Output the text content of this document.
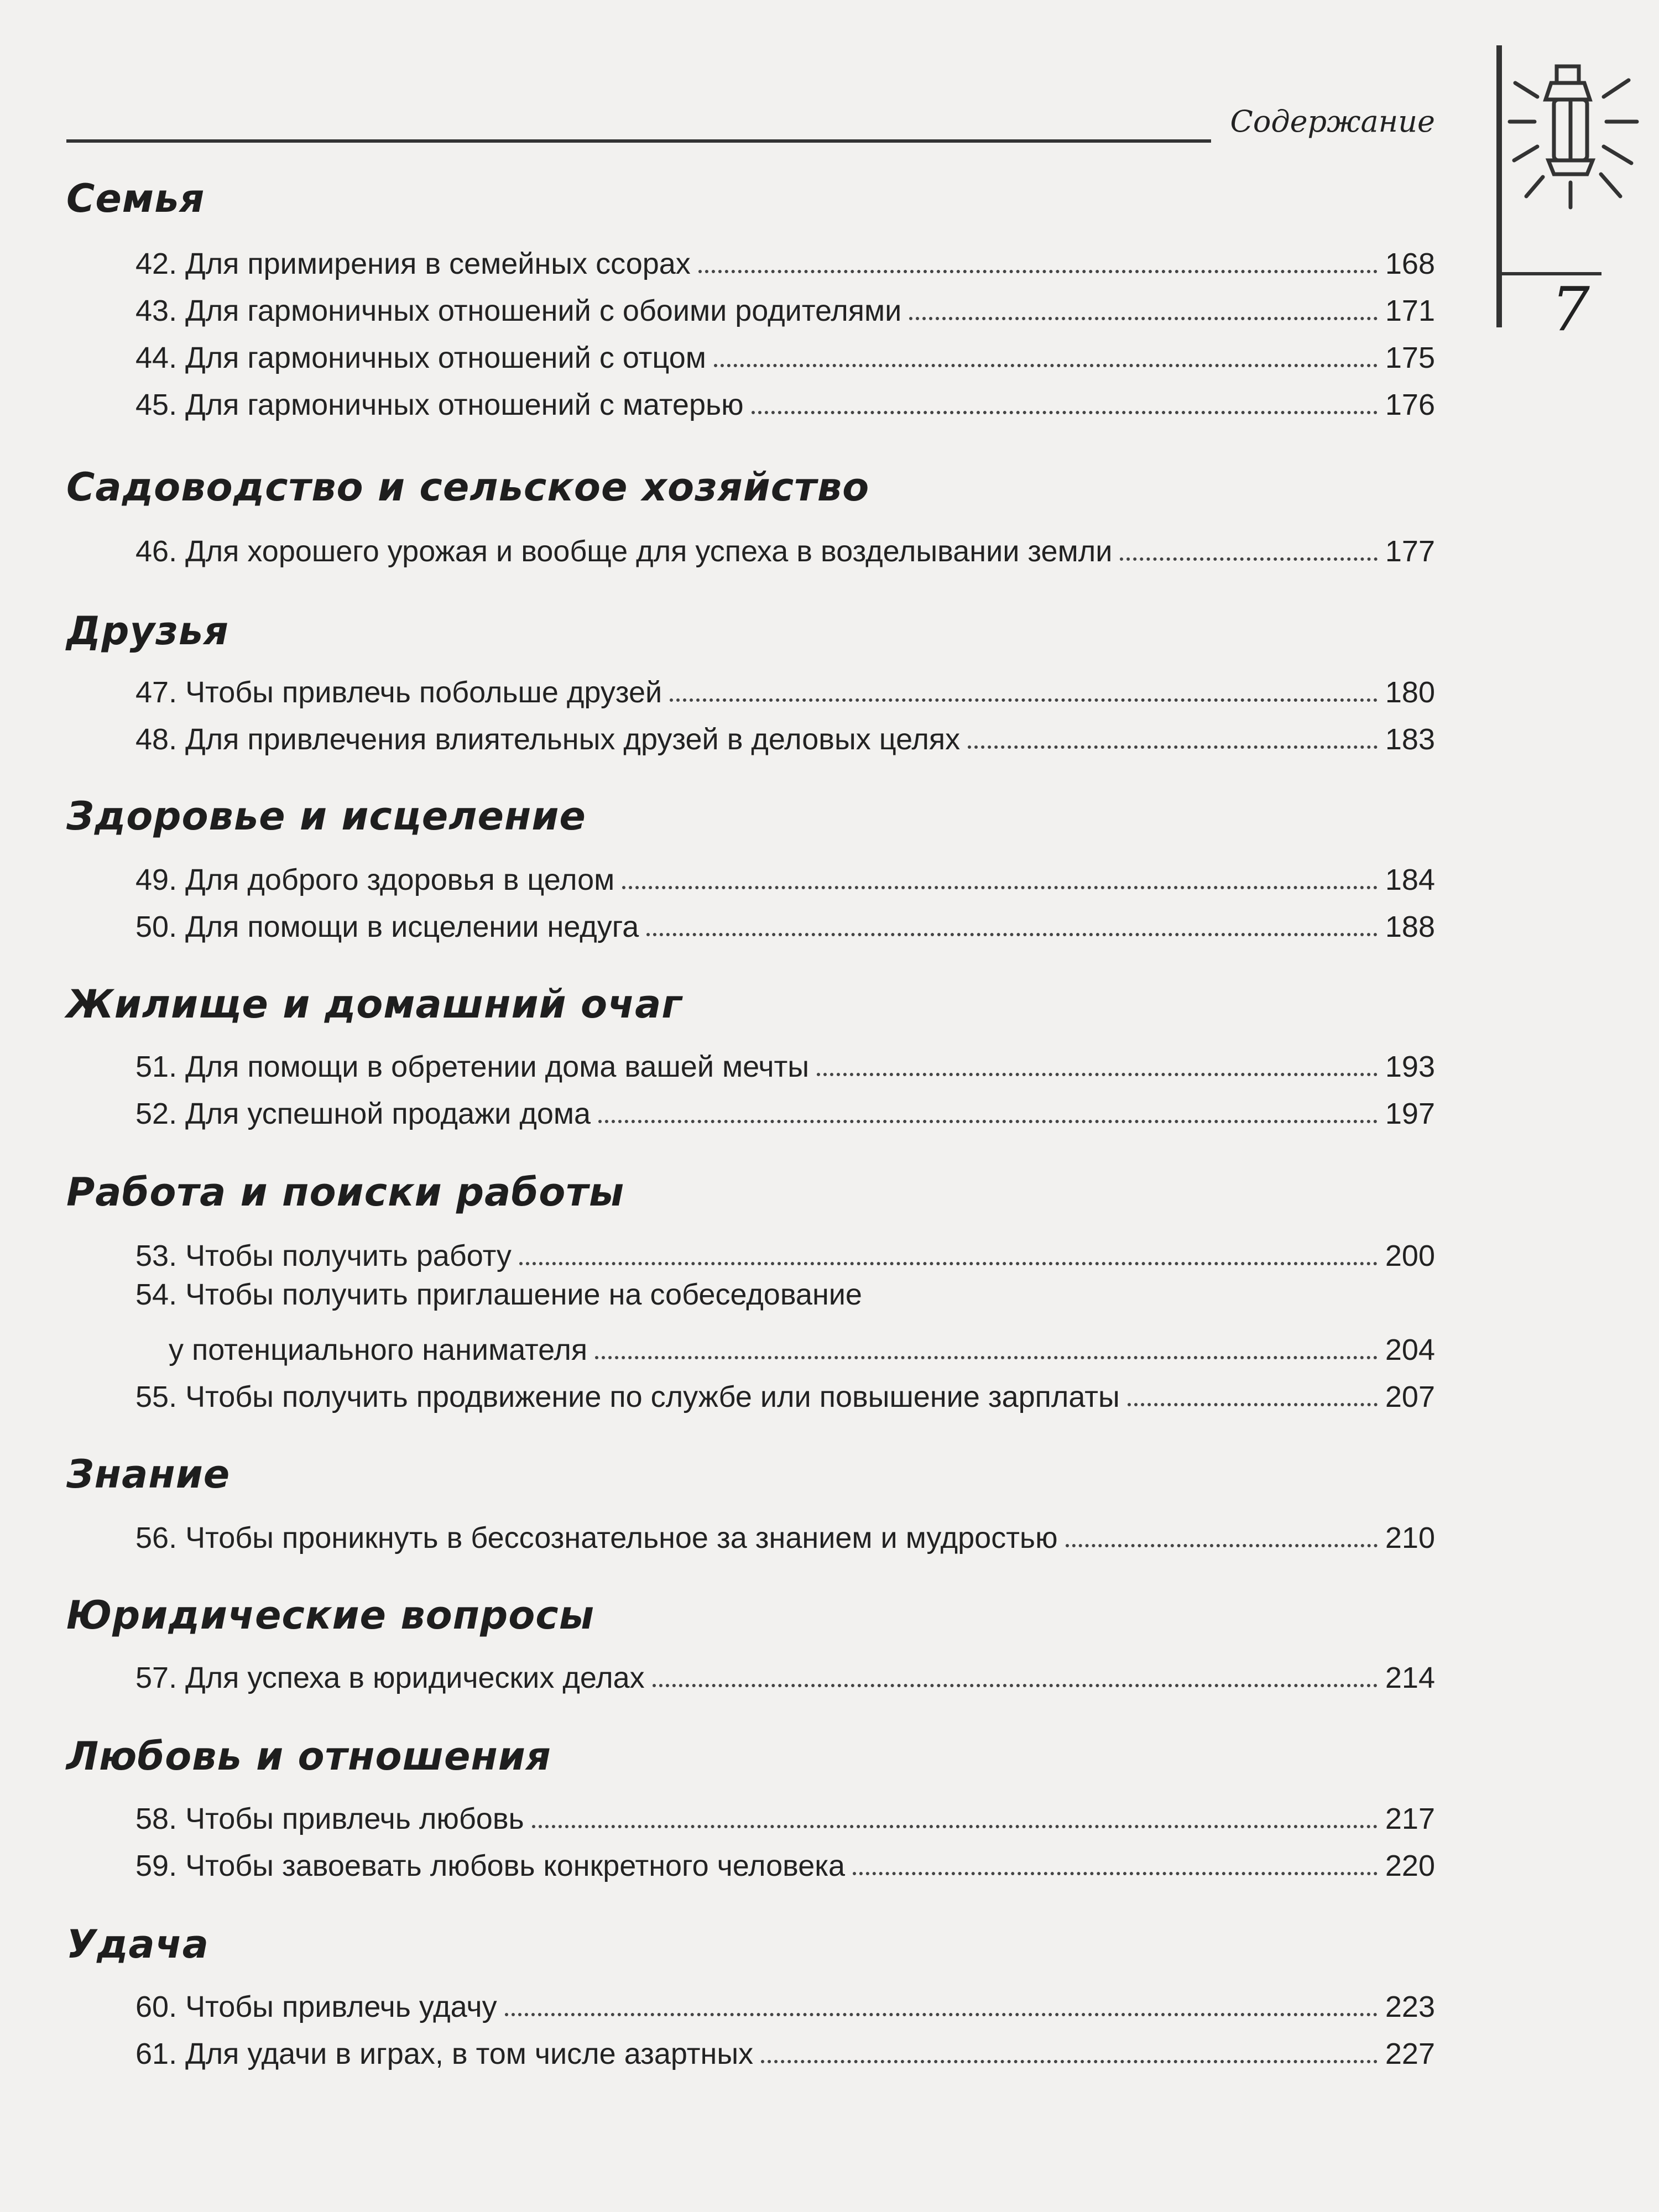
Содержание
7
Семья
42. Для примирения в семейных ссорах	168
43. Для гармоничных отношений с обоими родителями	171
44. Для гармоничных отношений с отцом	175
45. Для гармоничных отношений с матерью	176
Садоводство и сельское хозяйство
46. Для хорошего урожая и вообще для успеха в возделывании земли	177
Друзья
47. Чтобы привлечь побольше друзей	180
48. Для привлечения влиятельных друзей в деловых целях	183
Здоровье и исцеление
49. Для доброго здоровья в целом	184
50. Для помощи в исцелении недуга	188
Жилище и домашний очаг
51. Для помощи в обретении дома вашей мечты	193
52. Для успешной продажи дома	197
Работа и поиски работы
53. Чтобы получить работу	200
54. Чтобы получить приглашение на собеседование
у потенциального нанимателя	204
55. Чтобы получить продвижение по службе или повышение зарплаты	207
Знание
56. Чтобы проникнуть в бессознательное за знанием и мудростью	210
Юридические вопросы
57. Для успеха в юридических делах	214
Любовь и отношения
58. Чтобы привлечь любовь	217
59. Чтобы завоевать любовь конкретного человека	220
Удача
60. Чтобы привлечь удачу	223
61. Для удачи в играх, в том числе азартных	227
